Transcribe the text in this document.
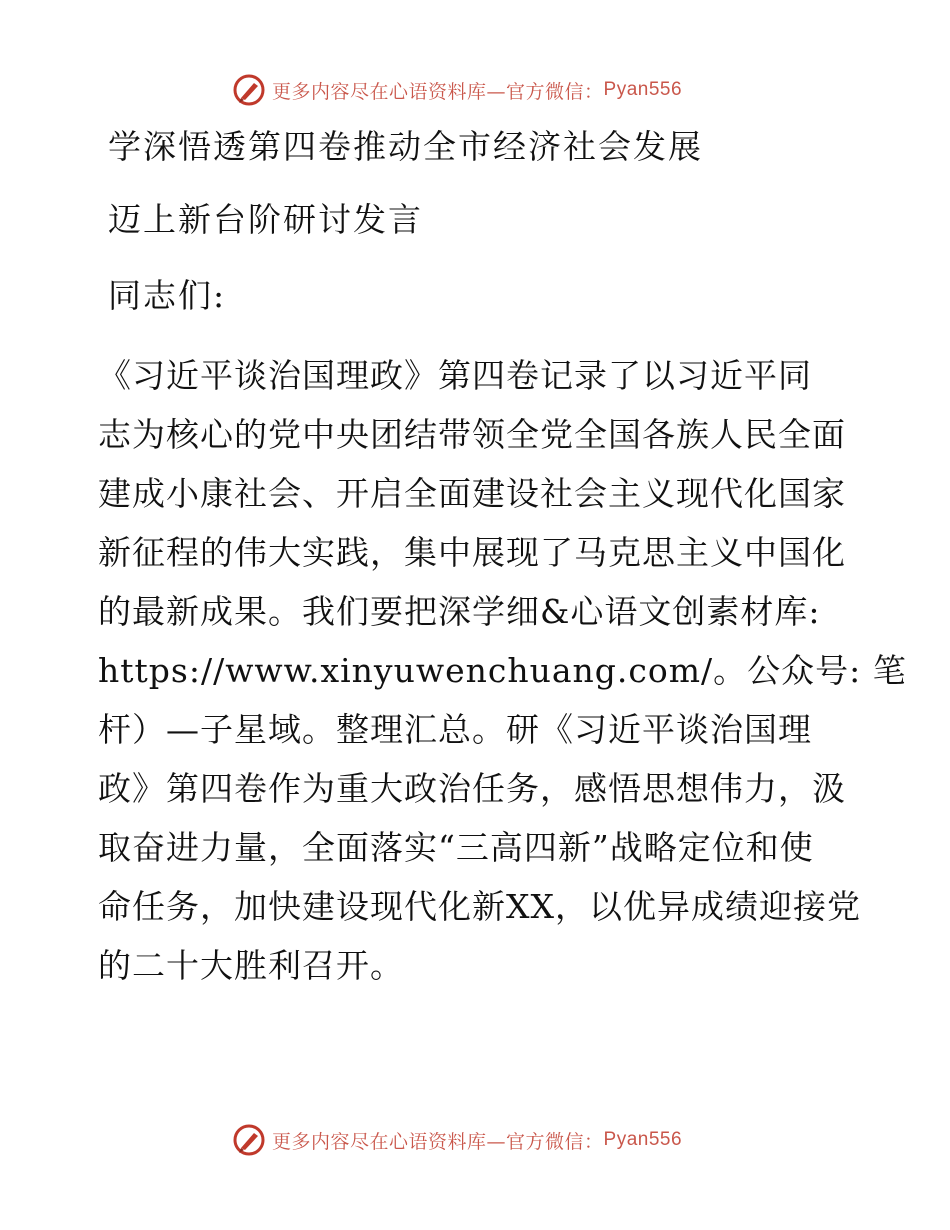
更多内容尽在心语资料库—官方微信： Pyan556
学深悟透第四卷推动全市经济社会发展
迈上新台阶研讨发言

同志们:

《习近平谈治国理政》第四卷记录了以习近平同
志为核心的党中央团结带领全党全国各族人民全面
建成小康社会、开启全面建设社会主义现代化国家
新征程的伟大实践，集中展现了马克思主义中国化
的最新成果。我们要把深学细&心语文创素材库:
https://www.xinyuwenchuang.com/。公众号: 笔
杆）—子星域。整理汇总。研《习近平谈治国理
政》第四卷作为重大政治任务，感悟思想伟力，汲
取奋进力量，全面落实“三高四新”战略定位和使
命任务，加快建设现代化新XX，以优异成绩迎接党
的二十大胜利召开。
更多内容尽在心语资料库—官方微信： Pyan556
